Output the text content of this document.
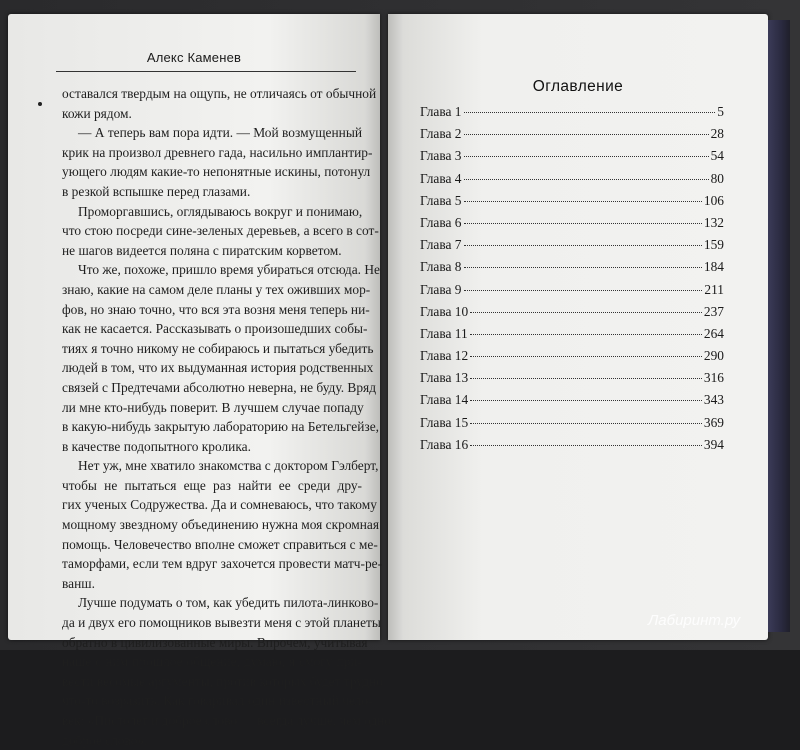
Алекс Каменев
оставался твердым на ощупь, не отличаясь от обычной
кожи рядом.
— А теперь вам пора идти. — Мой возмущенный
крик на произвол древнего гада, насильно имплантир-
ующего людям какие-то непонятные искины, потонул
в резкой вспышке перед глазами.
Проморгавшись, оглядываюсь вокруг и понимаю,
что стою посреди сине-зеленых деревьев, а всего в сот-
не шагов видеется поляна с пиратским корветом.
Что же, похоже, пришло время убираться отсюда. Не
знаю, какие на самом деле планы у тех оживших мор-
фов, но знаю точно, что вся эта возня меня теперь ни-
как не касается. Рассказывать о произошедших собы-
тиях я точно никому не собираюсь и пытаться убедить
людей в том, что их выдуманная история родственных
связей с Предтечами абсолютно неверна, не буду. Вряд
ли мне кто-нибудь поверит. В лучшем случае попаду
в какую-нибудь закрытую лабораторию на Бетельгейзе,
в качестве подопытного кролика.
Нет уж, мне хватило знакомства с доктором Гэлберт,
чтобы не пытаться еще раз найти ее среди дру-
гих ученых Содружества. Да и сомневаюсь, что такому
мощному звездному объединению нужна моя скромная
помощь. Человечество вполне сможет справиться с ме-
таморфами, если тем вдруг захочется провести матч-ре-
ванш.
Лучше подумать о том, как убедить пилота-линково-
да и двух его помощников вывезти меня с этой планеты
обратно в цивилизованные миры. Впрочем, учитывая
наше с ним прошлое общение, думаю, я смогу при-
вести весомые аргументы, против которых будет трудно
что-то возразить. Как говаривал один известный чело-
век: «Пистолет и доброе слово — всегда лучше, чем одно
доброе слово».
Оглавление
Глава 1	5
Глава 2	28
Глава 3	54
Глава 4	80
Глава 5	106
Глава 6	132
Глава 7	159
Глава 8	184
Глава 9	211
Глава 10	237
Глава 11	264
Глава 12	290
Глава 13	316
Глава 14	343
Глава 15	369
Глава 16	394
Лабиринт.ру
